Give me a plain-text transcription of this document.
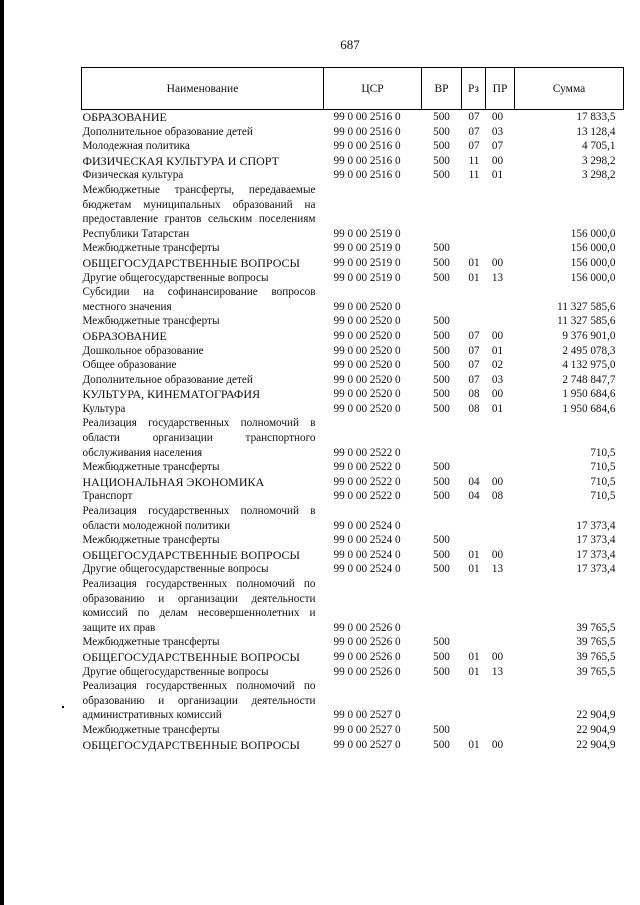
687
Наименование	ЦСР	ВР	Рз	ПР	Сумма
ОБРАЗОВАНИЕ	99 0 00 2516 0	500	07	00	17 833,5
Дополнительное образование детей	99 0 00 2516 0	500	07	03	13 128,4
Молодежная политика	99 0 00 2516 0	500	07	07	4 705,1
ФИЗИЧЕСКАЯ КУЛЬТУРА И СПОРТ	99 0 00 2516 0	500	11	00	3 298,2
Физическая культура	99 0 00 2516 0	500	11	01	3 298,2
Межбюджетные трансферты, передаваемые бюджетам муниципальных образований на предоставление грантов сельским поселениям Республики Татарстан	99 0 00 2519 0				156 000,0
Межбюджетные трансферты	99 0 00 2519 0	500			156 000,0
ОБЩЕГОСУДАРСТВЕННЫЕ ВОПРОСЫ	99 0 00 2519 0	500	01	00	156 000,0
Другие общегосударственные вопросы	99 0 00 2519 0	500	01	13	156 000,0
Субсидии на софинансирование вопросов местного значения	99 0 00 2520 0				11 327 585,6
Межбюджетные трансферты	99 0 00 2520 0	500			11 327 585,6
ОБРАЗОВАНИЕ	99 0 00 2520 0	500	07	00	9 376 901,0
Дошкольное образование	99 0 00 2520 0	500	07	01	2 495 078,3
Общее образование	99 0 00 2520 0	500	07	02	4 132 975,0
Дополнительное образование детей	99 0 00 2520 0	500	07	03	2 748 847,7
КУЛЬТУРА, КИНЕМАТОГРАФИЯ	99 0 00 2520 0	500	08	00	1 950 684,6
Культура	99 0 00 2520 0	500	08	01	1 950 684,6
Реализация государственных полномочий в области организации транспортного обслуживания населения	99 0 00 2522 0				710,5
Межбюджетные трансферты	99 0 00 2522 0	500			710,5
НАЦИОНАЛЬНАЯ ЭКОНОМИКА	99 0 00 2522 0	500	04	00	710,5
Транспорт	99 0 00 2522 0	500	04	08	710,5
Реализация государственных полномочий в области молодежной политики	99 0 00 2524 0				17 373,4
Межбюджетные трансферты	99 0 00 2524 0	500			17 373,4
ОБЩЕГОСУДАРСТВЕННЫЕ ВОПРОСЫ	99 0 00 2524 0	500	01	00	17 373,4
Другие общегосударственные вопросы	99 0 00 2524 0	500	01	13	17 373,4
Реализация государственных полномочий по образованию и организации деятельности комиссий по делам несовершеннолетних и защите их прав	99 0 00 2526 0				39 765,5
Межбюджетные трансферты	99 0 00 2526 0	500			39 765,5
ОБЩЕГОСУДАРСТВЕННЫЕ ВОПРОСЫ	99 0 00 2526 0	500	01	00	39 765,5
Другие общегосударственные вопросы	99 0 00 2526 0	500	01	13	39 765,5
Реализация государственных полномочий по образованию и организации деятельности административных комиссий	99 0 00 2527 0				22 904,9
Межбюджетные трансферты	99 0 00 2527 0	500			22 904,9
ОБЩЕГОСУДАРСТВЕННЫЕ ВОПРОСЫ	99 0 00 2527 0	500	01	00	22 904,9
